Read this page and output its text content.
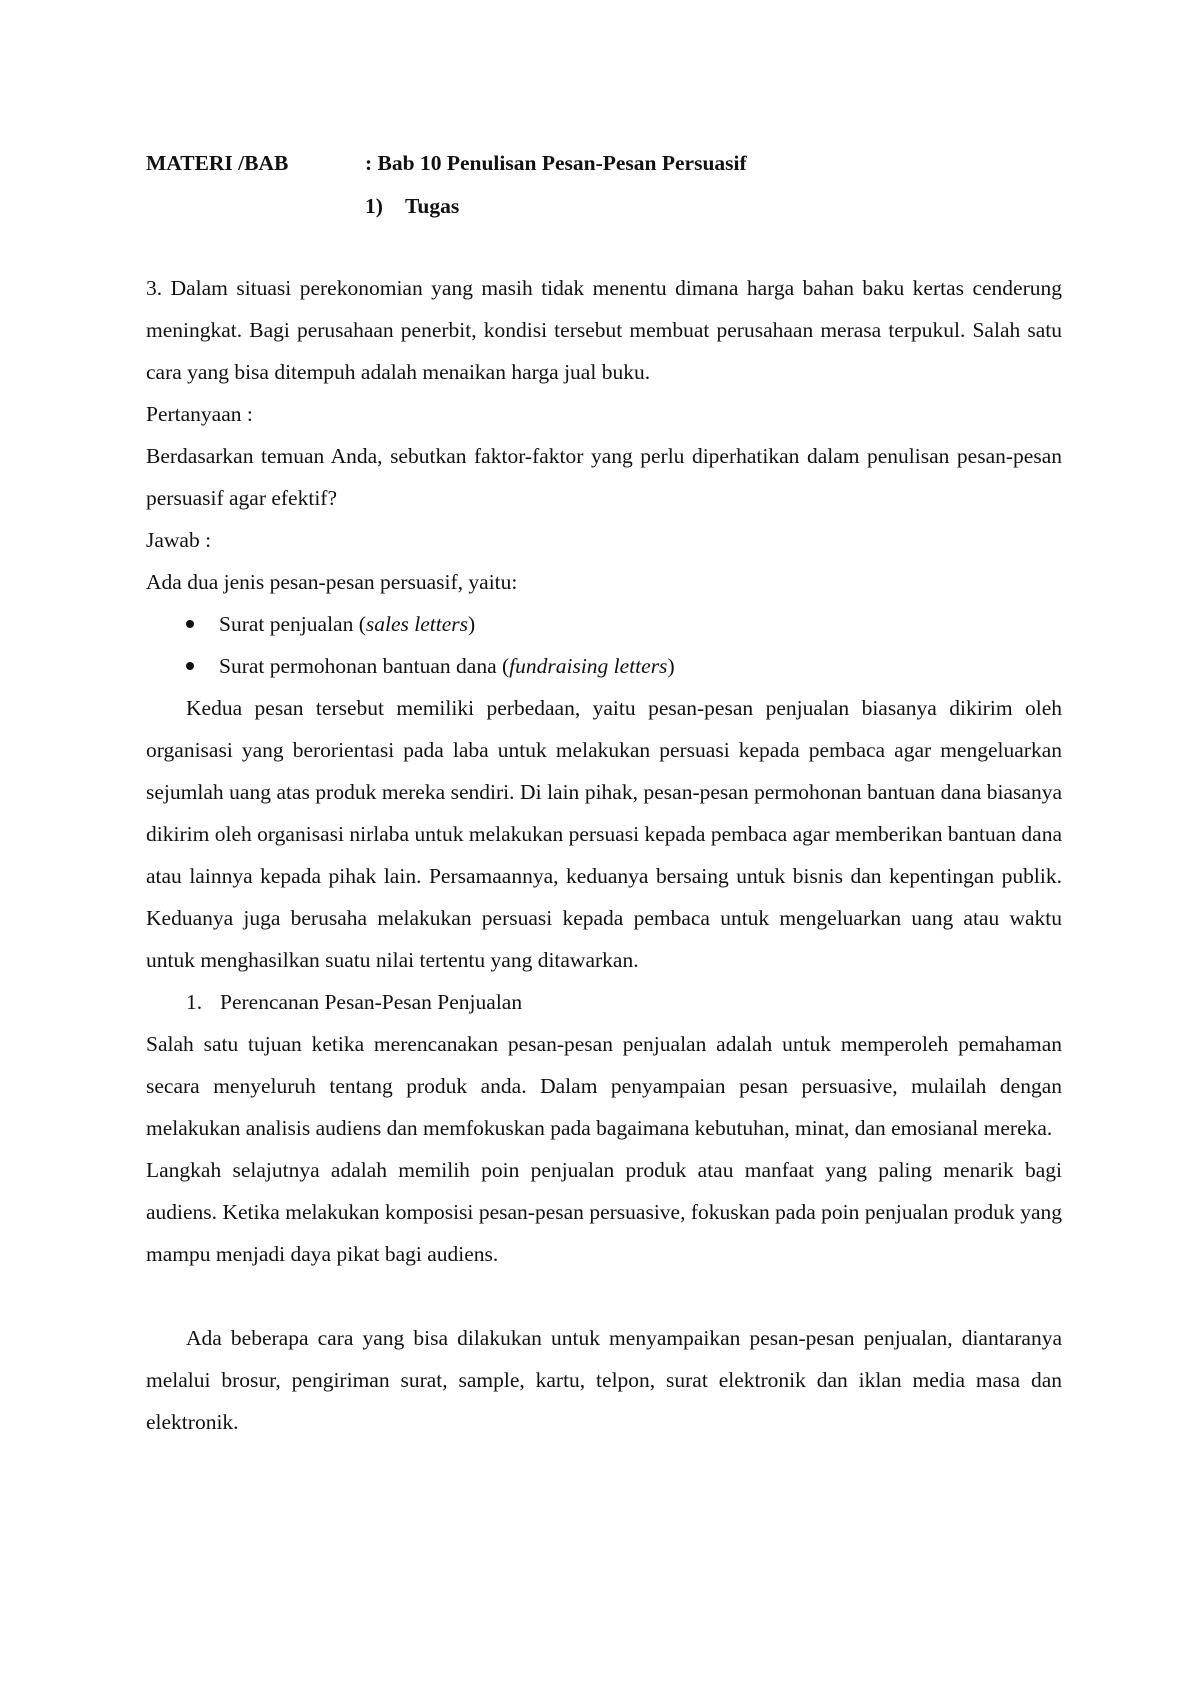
MATERI /BAB	: Bab 10 Penulisan Pesan-Pesan Persuasif
1) Tugas

3. Dalam situasi perekonomian yang masih tidak menentu dimana harga bahan baku kertas cenderung meningkat. Bagi perusahaan penerbit, kondisi tersebut membuat perusahaan merasa terpukul. Salah satu cara yang bisa ditempuh adalah menaikan harga jual buku.

Pertanyaan :

Berdasarkan temuan Anda, sebutkan faktor-faktor yang perlu diperhatikan dalam penulisan pesan-pesan persuasif agar efektif?

Jawab :

Ada dua jenis pesan-pesan persuasif, yaitu:

Surat penjualan (sales letters)
Surat permohonan bantuan dana (fundraising letters)

Kedua pesan tersebut memiliki perbedaan, yaitu pesan-pesan penjualan biasanya dikirim oleh organisasi yang berorientasi pada laba untuk melakukan persuasi kepada pembaca agar mengeluarkan sejumlah uang atas produk mereka sendiri. Di lain pihak, pesan-pesan permohonan bantuan dana biasanya dikirim oleh organisasi nirlaba untuk melakukan persuasi kepada pembaca agar memberikan bantuan dana atau lainnya kepada pihak lain. Persamaannya, keduanya bersaing untuk bisnis dan kepentingan publik. Keduanya juga berusaha melakukan persuasi kepada pembaca untuk mengeluarkan uang atau waktu untuk menghasilkan suatu nilai tertentu yang ditawarkan.

1. Perencanan Pesan-Pesan Penjualan

Salah satu tujuan ketika merencanakan pesan-pesan penjualan adalah untuk memperoleh pemahaman secara menyeluruh tentang produk anda. Dalam penyampaian pesan persuasive, mulailah dengan melakukan analisis audiens dan memfokuskan pada bagaimana kebutuhan, minat, dan emosianal mereka.

Langkah selajutnya adalah memilih poin penjualan produk atau manfaat yang paling menarik bagi audiens. Ketika melakukan komposisi pesan-pesan persuasive, fokuskan pada poin penjualan produk yang mampu menjadi daya pikat bagi audiens.

Ada beberapa cara yang bisa dilakukan untuk menyampaikan pesan-pesan penjualan, diantaranya melalui brosur, pengiriman surat, sample, kartu, telpon, surat elektronik dan iklan media masa dan elektronik.
